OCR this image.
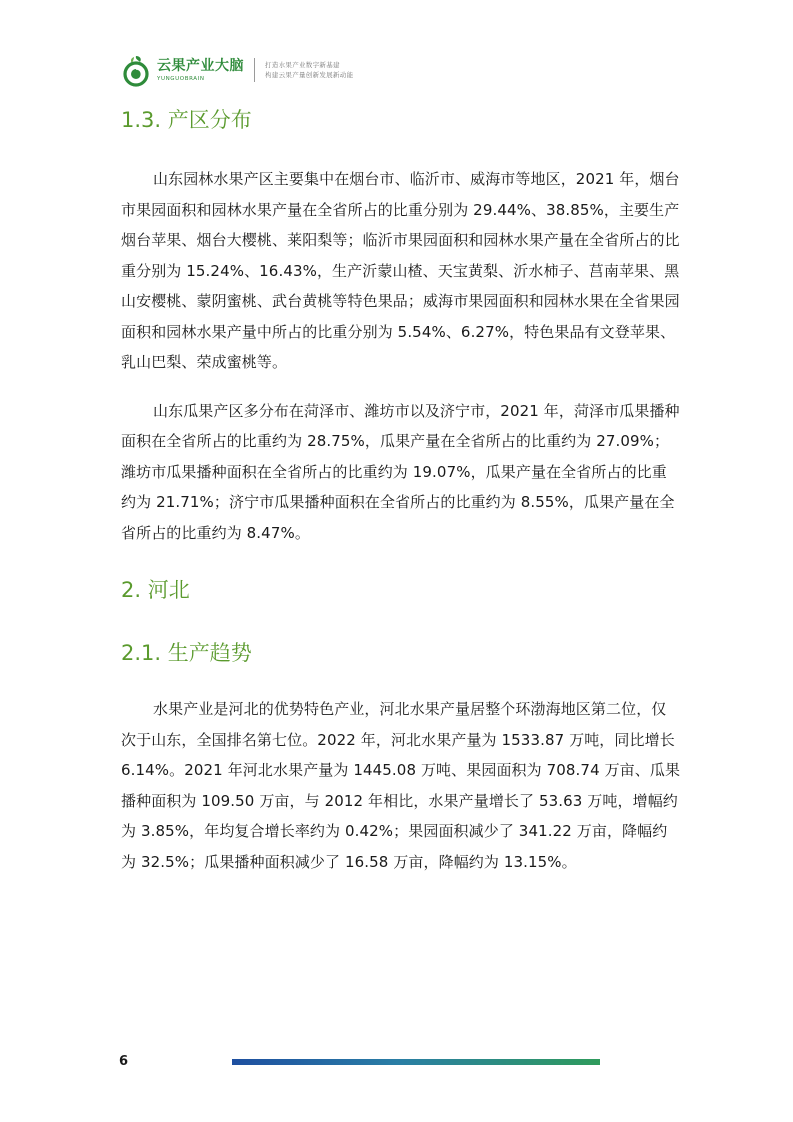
云果产业大脑
YUNGUOBRAIN
打造水果产业数字新基建
构建云果产量创新发展新动能
1.3. 产区分布

山东园林水果产区主要集中在烟台市、临沂市、威海市等地区，2021 年，烟台市果园面积和园林水果产量在全省所占的比重分别为 29.44%、38.85%，主要生产烟台苹果、烟台大樱桃、莱阳梨等；临沂市果园面积和园林水果产量在全省所占的比重分别为 15.24%、16.43%，生产沂蒙山楂、天宝黄梨、沂水柿子、莒南苹果、黑山安樱桃、蒙阴蜜桃、武台黄桃等特色果品；威海市果园面积和园林水果在全省果园面积和园林水果产量中所占的比重分别为 5.54%、6.27%，特色果品有文登苹果、乳山巴梨、荣成蜜桃等。

山东瓜果产区多分布在菏泽市、潍坊市以及济宁市，2021 年，菏泽市瓜果播种面积在全省所占的比重约为 28.75%，瓜果产量在全省所占的比重约为 27.09%；潍坊市瓜果播种面积在全省所占的比重约为 19.07%，瓜果产量在全省所占的比重约为 21.71%；济宁市瓜果播种面积在全省所占的比重约为 8.55%，瓜果产量在全省所占的比重约为 8.47%。

2. 河北
2.1. 生产趋势

水果产业是河北的优势特色产业，河北水果产量居整个环渤海地区第二位，仅次于山东，全国排名第七位。2022 年，河北水果产量为 1533.87 万吨，同比增长 6.14%。2021 年河北水果产量为 1445.08 万吨、果园面积为 708.74 万亩、瓜果播种面积为 109.50 万亩，与 2012 年相比，水果产量增长了 53.63 万吨，增幅约为 3.85%，年均复合增长率约为 0.42%；果园面积减少了 341.22 万亩，降幅约为 32.5%；瓜果播种面积减少了 16.58 万亩，降幅约为 13.15%。

6
